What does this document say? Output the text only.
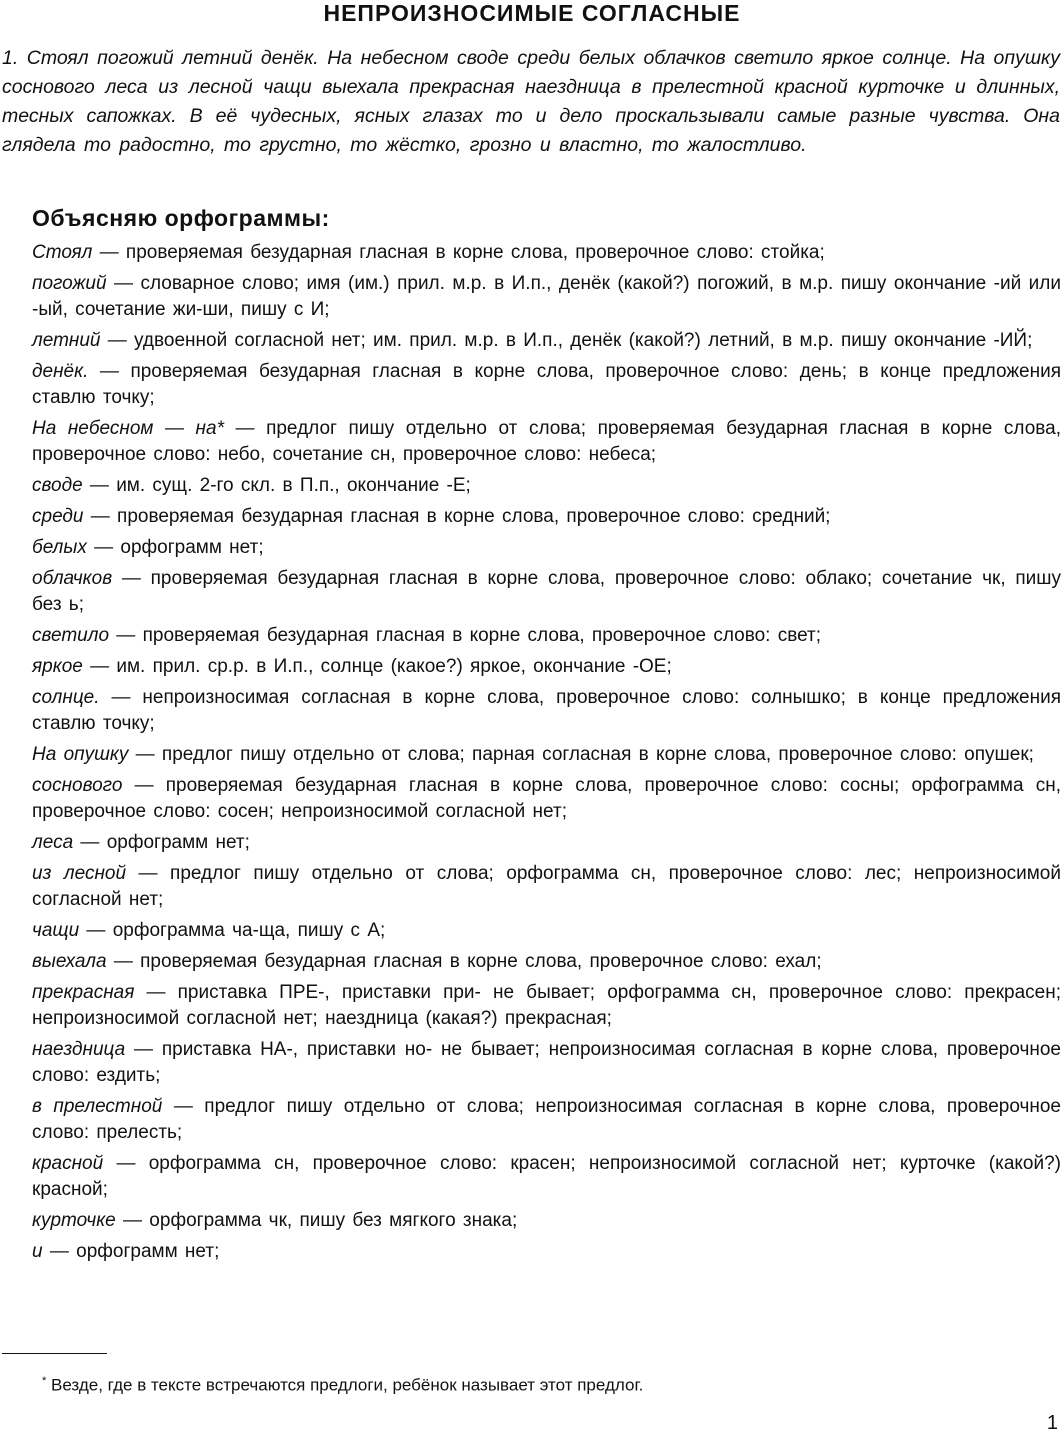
НЕПРОИЗНОСИМЫЕ СОГЛАСНЫЕ
1. Стоял погожий летний денёк. На небесном своде среди белых облачков светило яркое солнце. На опушку соснового леса из лесной чащи выехала прекрасная наездница в прелестной красной курточке и длинных, тесных сапожках. В её чудесных, ясных глазах то и дело проскальзывали самые разные чувства. Она глядела то радостно, то грустно, то жёстко, грозно и властно, то жалостливо.
Объясняю орфограммы:

Стоял — проверяемая безударная гласная в корне слова, проверочное слово: стойка;

погожий — словарное слово; имя (им.) прил. м.р. в И.п., денёк (какой?) погожий, в м.р. пишу окончание -ий или -ый, сочетание жи-ши, пишу с И;

летний — удвоенной согласной нет; им. прил. м.р. в И.п., денёк (какой?) летний, в м.р. пишу окончание -ИЙ;

денёк. — проверяемая безударная гласная в корне слова, проверочное слово: день; в конце предложения ставлю точку;

На небесном — на* — предлог пишу отдельно от слова; проверяемая безударная гласная в корне слова, проверочное слово: небо, сочетание сн, проверочное слово: небеса;

своде — им. сущ. 2-го скл. в П.п., окончание -Е;

среди — проверяемая безударная гласная в корне слова, проверочное слово: средний;

белых — орфограмм нет;

облачков — проверяемая безударная гласная в корне слова, проверочное слово: облако; сочетание чк, пишу без ь;

светило — проверяемая безударная гласная в корне слова, проверочное слово: свет;

яркое — им. прил. ср.р. в И.п., солнце (какое?) яркое, окончание -ОЕ;

солнце. — непроизносимая согласная в корне слова, проверочное слово: солнышко; в конце предложения ставлю точку;

На опушку — предлог пишу отдельно от слова; парная согласная в корне слова, проверочное слово: опушек;

соснового — проверяемая безударная гласная в корне слова, проверочное слово: сосны; орфограмма сн, проверочное слово: сосен; непроизносимой согласной нет;

леса — орфограмм нет;

из лесной — предлог пишу отдельно от слова; орфограмма сн, проверочное слово: лес; непроизносимой согласной нет;

чащи — орфограмма ча-ща, пишу с А;

выехала — проверяемая безударная гласная в корне слова, проверочное слово: ехал;

прекрасная — приставка ПРЕ-, приставки при- не бывает; орфограмма сн, проверочное слово: прекрасен; непроизносимой согласной нет; наездница (какая?) прекрасная;

наездница — приставка НА-, приставки но- не бывает; непроизносимая согласная в корне слова, проверочное слово: ездить;

в прелестной — предлог пишу отдельно от слова; непроизносимая согласная в корне слова, проверочное слово: прелесть;

красной — орфограмма сн, проверочное слово: красен; непроизносимой согласной нет; курточке (какой?) красной;

курточке — орфограмма чк, пишу без мягкого знака;

и — орфограмм нет;

* Везде, где в тексте встречаются предлоги, ребёнок называет этот предлог.
1
